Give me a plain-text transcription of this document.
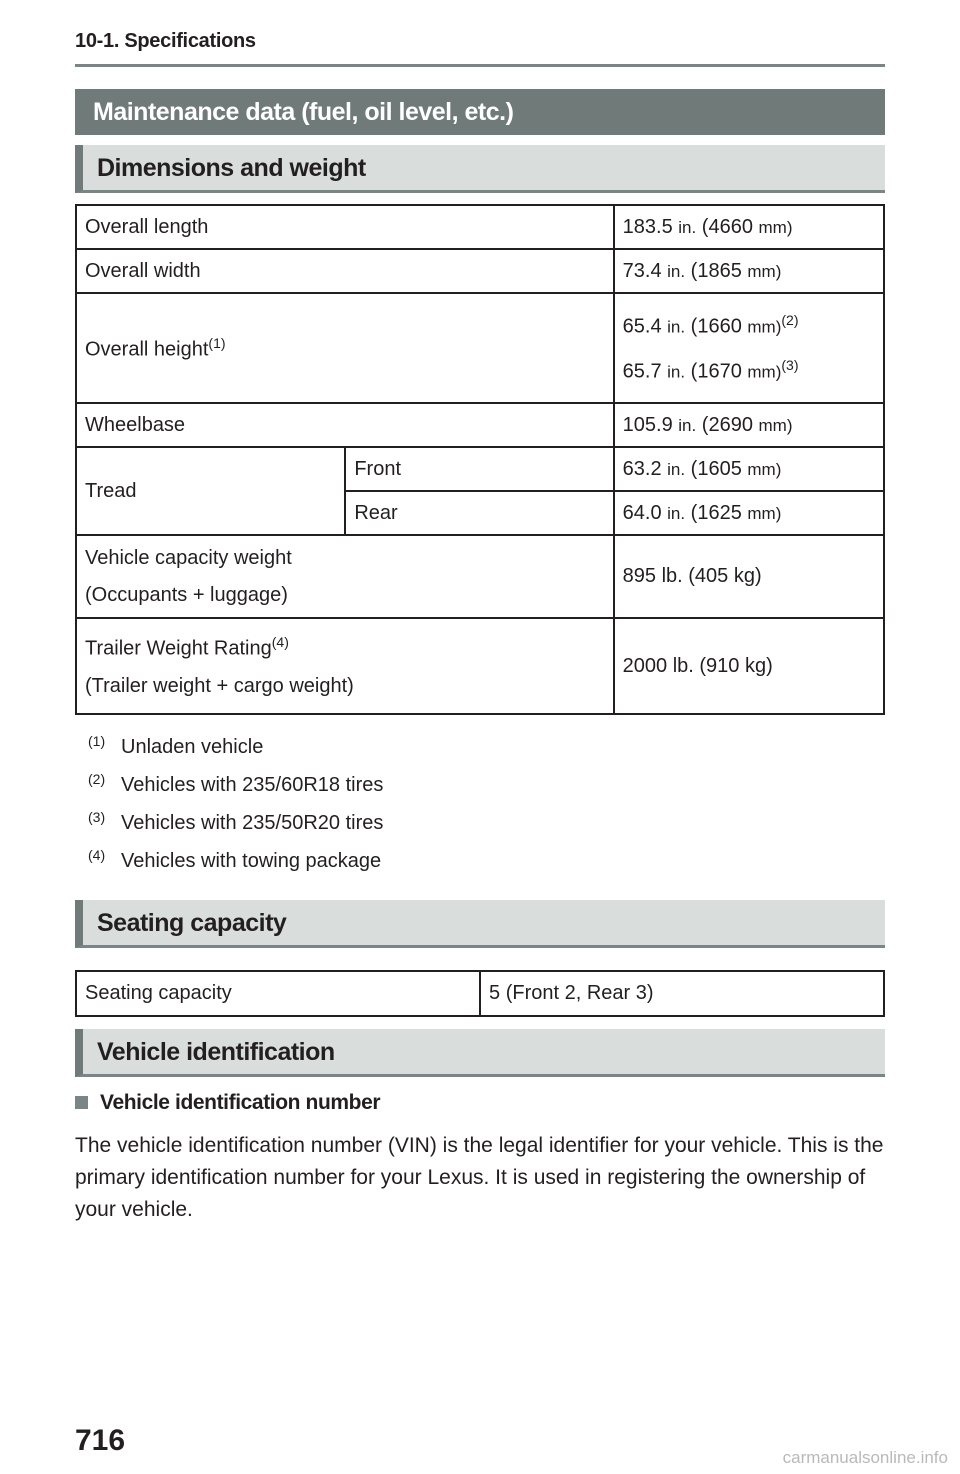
10-1. Specifications
Maintenance data (fuel, oil level, etc.)
Dimensions and weight
Overall length		183.5 in. (4660 mm)
Overall width		73.4 in. (1865 mm)
Overall height$^{(1)}$		65.4 in. (1660 mm)$^{(2)}$
65.7 in. (1670 mm)$^{(3)}$

Wheelbase		105.9 in. (2690 mm)
Tread	Front	63.2 in. (1605 mm)
	Rear	64.0 in. (1625 mm)

Vehicle capacity weight
(Occupants + luggage)		895 lb. (405 kg)

Trailer Weight Rating$^{(4)}$
(Trailer weight + cargo weight)		2000 lb. (910 kg)
(1) Unladen vehicle
(2) Vehicles with 235/60R18 tires
(3) Vehicles with 235/50R20 tires
(4) Vehicles with towing package
Seating capacity
Seating capacity	5 (Front 2, Rear 3)
Vehicle identification
Vehicle identification number
The vehicle identification number (VIN) is the legal identifier for your vehicle. This is the primary identification number for your Lexus. It is used in registering the ownership of your vehicle.
716
carmanualsonline.info
